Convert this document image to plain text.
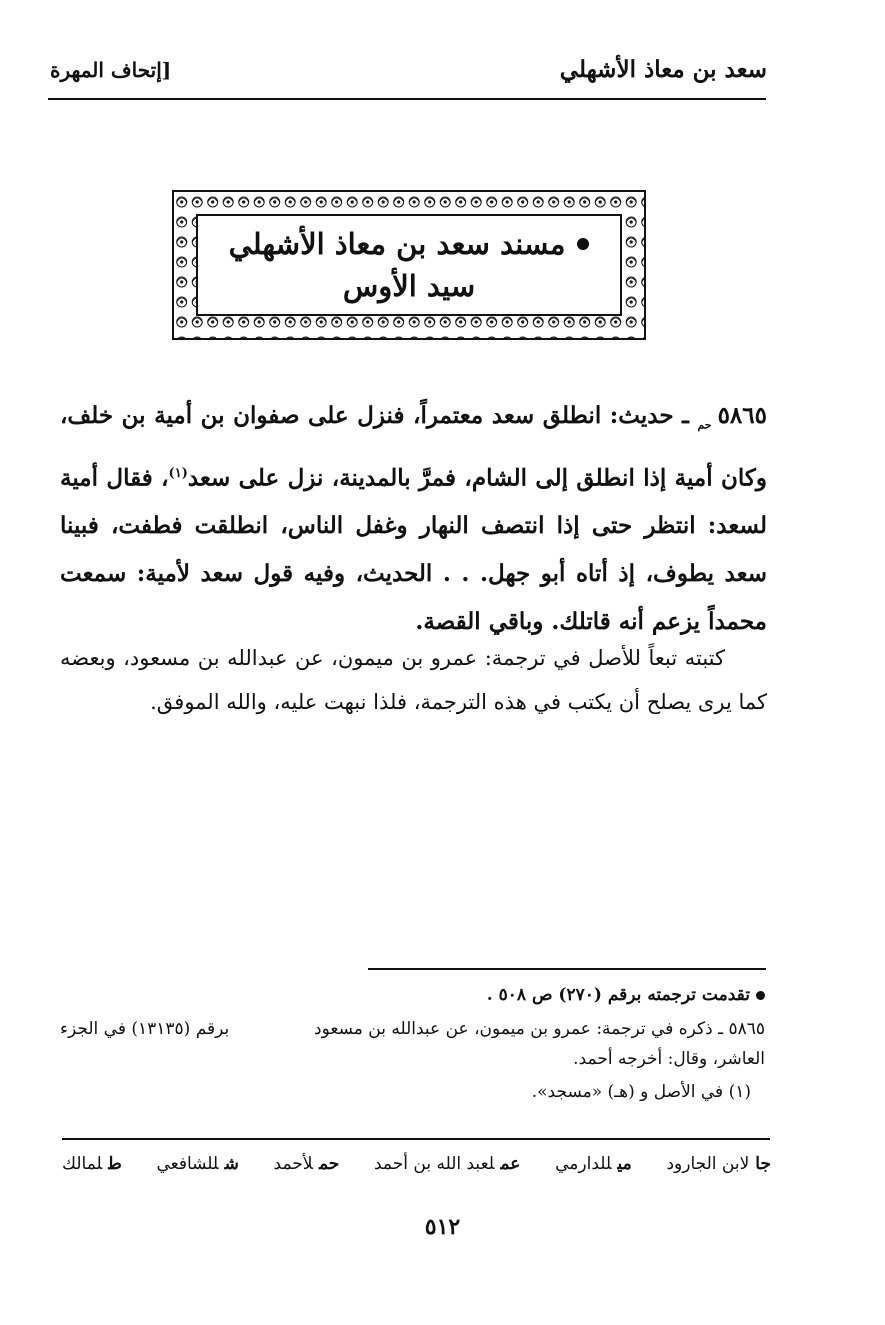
سعد بن معاذ الأشهلي
[إتحاف المهرة
مسند سعد بن معاذ الأشهلي
سيد الأوس
$٥٨٦٥_{حم}$ ـ حديث: انطلق سعد معتمراً، فنزل على صفوان بن أمية بن خلف، وكان أمية إذا انطلق إلى الشام، فمرَّ بالمدينة، نزل على سعد$^{(١)}$، فقال أمية لسعد: انتظر حتى إذا انتصف النهار وغفل الناس، انطلقت فطفت، فبينا سعد يطوف، إذ أتاه أبو جهل. . . الحديث، وفيه قول سعد لأمية: سمعت محمداً يزعم أنه قاتلك. وباقي القصة.
كتبته تبعاً للأصل في ترجمة: عمرو بن ميمون، عن عبدالله بن مسعود، وبعضه كما يرى يصلح أن يكتب في هذه الترجمة، فلذا نبهت عليه، والله الموفق.
تقدمت ترجمته برقم (٢٧٠) ص ٥٠٨ .
٥٨٦٥ ـ ذكره في ترجمة: عمرو بن ميمون، عن عبدالله بن مسعود
برقم (١٣١٣٥) في الجزء
العاشر، وقال: أخرجه أحمد.
(١) في الأصل و (هـ) «مسجد».
طلمالك	شللشافعي	حملأحمد	عملعبد الله بن أحمد	ميللدارمي	جالابن الجارود
٥١٢
